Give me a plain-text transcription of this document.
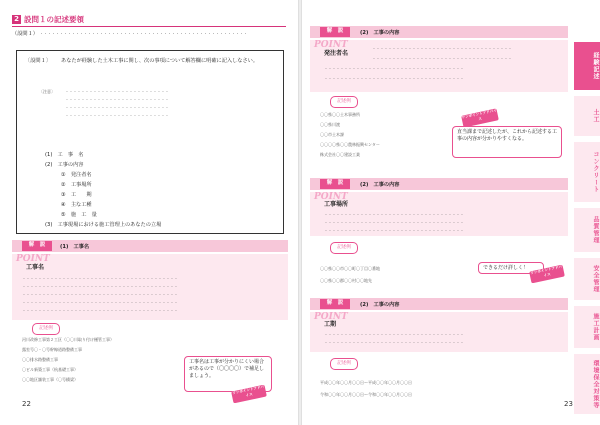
2 設問１の記述要領
（設問１） ・・・・・・・・・・・・・・・・・・・・・・・・・・・・・・・・・・・・・・・・・・・・・・・・・・・・
〔設問１〕 あなたが経験した土木工事に関し、次の事項について解答欄に明確に記入しなさい。
〔注意〕	・・・・・・・・・・・・・・・・・・・・・・・・・・
・・・・・・・・・・・・・・・・・・・・・・・・・・
・・・・・・・・・・・・・・・・・・・・・・・・・・
・・・・・・・・・・・・・・・・・・・・・・・・・・
(1)　工　事　名
(2)　工事の内容
①　発注者名
②　工事場所
③　工　　期
④　主な工種
⑤　施　工　量
(3)　工事現場における施工管理上のあなたの立場
解　説	(1)　工事名
POINT
工事名
・・・・・・・・・・・・・・・・・・・・・・・・・・・・・・・・・・・・・・・
・・・・・・・・・・・・・・・・・・・・・・・・・・・・・・・・・・・・・・・
・・・・・・・・・・・・・・・・・・・・・・・・・・・・・・・・・・・・・・・
・・・・・・・・・・・・・・・・・・・・・・・・・・・・・・・・・・・・・・・
・・・・・・・・・・・・・・・・・・・・・・・・・・・・・・・・・・・・・・・
記述例
河川改修工事第２工区（〇〇川取り付け樋管工事）
露室号〇・〇号幹線道路整備工事
〇〇排水路整備工事
〇ビル新築工事（杭基礎工事）
〇〇地区舗装工事（〇号橋梁）
工事名は工事が分かりにくい場合があるので（〇〇〇〇）で補足しましょう。
ワンポイントアドバイス
22
解　説	(2)　工事の内容
POINT
発注者名
・・・・・・・・・・・・・・・・・・・・・・・・・・・・・・・・・・・
・・・・・・・・・・・・・・・・・・・・・・・・・・・・・・・・・・・
・・・・・・・・・・・・・・・・・・・・・・・・・・・・・・・・・・・
・・・・・・・・・・・・・・・・・・・・・・・・・・・・・・・・・・・
記述例
〇〇県〇〇土木事務所
〇〇県川渡
〇〇市土木課
〇〇〇〇県〇〇農林振興センター
株式会社〇〇建設工業
ワンポイントアドバイス
直当課まで記述したが、これから記述する工事の内容が分かりやすくなる。
解　説	(2)　工事の内容
POINT
工事場所
・・・・・・・・・・・・・・・・・・・・・・・・・・・・・・・・・・・
・・・・・・・・・・・・・・・・・・・・・・・・・・・・・・・・・・・
・・・・・・・・・・・・・・・・・・・・・・・・・・・・・・・・・・・
記述例
〇〇県〇〇市〇〇町〇丁目〇番地
〇〇県〇〇郡〇〇村〇〇地先
できるだけ詳しく！ ワンポイントアドバイス
解　説	(2)　工事の内容
POINT
工期
・・・・・・・・・・・・・・・・・・・・・・・・・・・・・・・・・・・
・・・・・・・・・・・・・・・・・・・・・・・・・・・・・・・・・・・
記述例
平成〇〇年〇〇月〇〇日～平成〇〇年〇〇月〇〇日
令和〇〇年〇〇月〇〇日～令和〇〇年〇〇月〇〇日
23
経験記述
土工
コンクリート
品質管理
安全管理
施工計画
環境保全対策等
